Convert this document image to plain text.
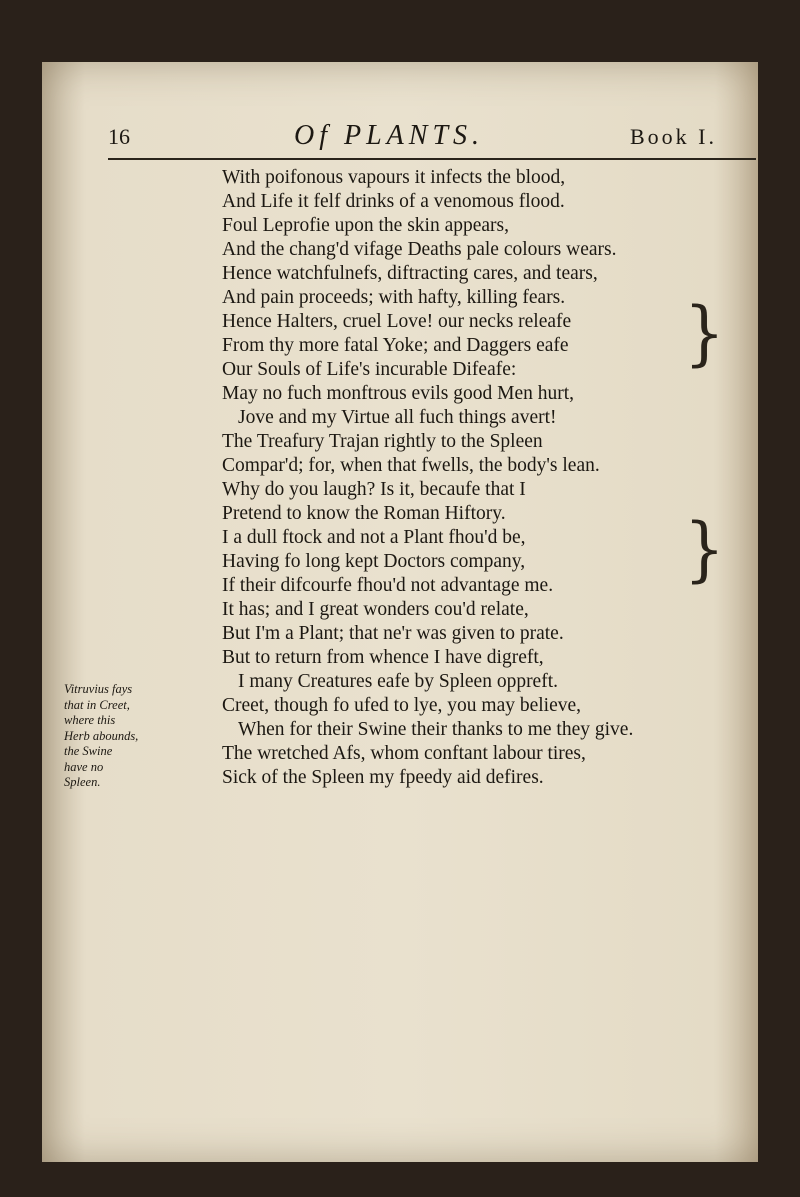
16	Of PLANTS.	Book I.
With poifonous vapours it infects the blood,
And Life it felf drinks of a venomous flood.
Foul Leprofie upon the skin appears,
And the chang'd vifage Deaths pale colours wears.
Hence watchfulnefs, diftracting cares, and tears,
And pain proceeds; with hafty, killing fears.
Hence Halters, cruel Love! our necks releafe
From thy more fatal Yoke; and Daggers eafe
Our Souls of Life's incurable Difeafe:
May no fuch monftrous evils good Men hurt,
Jove and my Virtue all fuch things avert!
The Treafury Trajan rightly to the Spleen
Compar'd; for, when that fwells, the body's lean.
Why do you laugh? Is it, becaufe that I
Pretend to know the Roman Hiftory.
I a dull ftock and not a Plant fhou'd be,
Having fo long kept Doctors company,
If their difcourfe fhou'd not advantage me.
It has; and I great wonders cou'd relate,
But I'm a Plant; that ne'r was given to prate.
But to return from whence I have digreft,
I many Creatures eafe by Spleen oppreft.
Creet, though fo ufed to lye, you may believe,
When for their Swine their thanks to me they give.
The wretched Afs, whom conftant labour tires,
Sick of the Spleen my fpeedy aid defires.
}
}
Vitruvius fays
that in Creet,
where this
Herb abounds,
the Swine
have no
Spleen.
